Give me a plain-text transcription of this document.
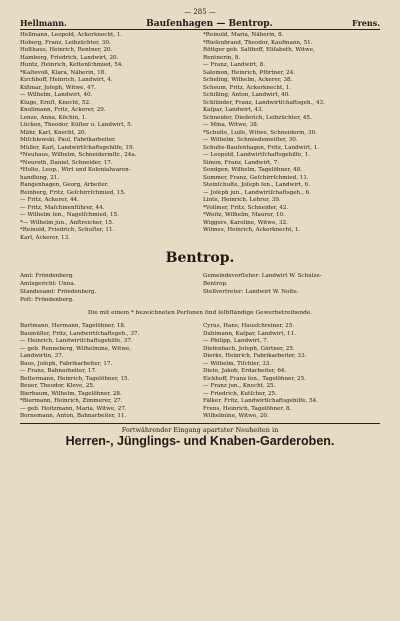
— 285 —
Hellmann.	Bauſenhagen — Bentrop.	Frens.
Hellmann, Leopold, Ackerknecht, 1.
Hoberg, Franz, Leibzüchter, 30.
Holthaus, Heinrich, Rentner, 20.
Hamberg, Friedrich, Landwirt, 20.
Huntz, Heinrich, Kettenſchmied, 54.
*Kaltevoß, Klara, Näherin, 18.
Kirchhoff, Heinrich, Landwirt, 4.
Kißmar, Joſeph, Witwe, 47.
— Wilhelm, Landwirt, 40.
Kluge, Ernſt, Knecht, 52.
Knollmann, Fritz, Ackerer, 29.
Lenze, Anna, Köchin, 1.
Lücken, Theodor, Küſter u. Landwirt, 5.
Mähr, Karl, Knecht, 20.
Miſchlewski, Paul, Fabrikarbeiter.
Müller, Karl, Landwirtſchaftsgehilfe, 19.
*Neuhaus, Wilhelm, Schneidermſtr., 24a.
*Neuroth, Daniel, Schneider, 17.
*Holte, Leop., Wirt und Kolonialwaren-
handlung, 21.
Rangenhagen, Georg, Arbeiter.
Reinberg, Fritz, Geſchirrſchmied, 15.
— Fritz, Ackerer, 44.
— Fritz, Maſchinenführer, 44.
— Wilhelm ſen., Nagelſchmied, 15.
*— Wilhelm jun., Anſtreicher, 15.
*Reinold, Friedrich, Schuſter, 11.
Karl, Ackerer, 13.
*Reinold, Maria, Näherin, 8.
*Rieſenbrand, Theodor, Kaufmann, 51.
Röttger geb. Salthoff, Eliſabeth, Witwe,
Rentnerin, 8.
— Franz, Landwirt, 8.
Salomon, Heinrich, Pförtner, 24.
Scheling, Wilhelm, Ackerer, 38.
Scheum, Fritz, Ackerknecht, 1.
Schilling, Anton, Landwirt, 40.
Schlünder, Franz, Landwirtſchaftsgeh., 43.
Kaſpar, Landwirt, 43.
Schneider, Diederich, Leibzüchter, 45.
— Mina, Witwe, 38.
*Schulte, Luiſe, Witwe, Schneiderin, 30.
— Wilhelm, Schmiedemeiſter, 30.
Schulte-Bauſenhagen, Fritz, Landwirt, 1.
— Leopold, Landwirtſchaftsgehilfe, 1.
Simon, Franz, Landwirt, 7.
Sondgen, Wilhelm, Tagelöhner, 48.
Sommer, Franz, Geſchirrſchmied, 11.
Steinſchulte, Joſeph ſen., Landwirt, 6.
— Joſeph jun., Landwirtſchaftsgeh., 6.
Linte, Heinrich, Lehrer, 39.
*Vollmer, Fritz, Schneider, 42.
*Weitz, Wilhelm, Maurer, 10.
Wiggers, Karoline, Witwe, 32.
Wilmes, Heinrich, Ackerknecht, 1.
Bentrop.
Amt: Fröndenberg.
Amtsgericht: Unna.
Standesamt: Fröndenberg.
Poſt: Fröndenberg.
Gemeindevorſteher: Landwirt W. Schulze-
Bentrop.
Stellvertreter: Landwirt W. Nolte.
Die mit einem * bezeichneten Perſonen ſind ſelbſtändige Gewerbetreibende.
Bartmann, Hermann, Tagelöhner, 18.
Baumüller, Fritz, Landwirtſchaftsgeh., 37.
— Heinrich, Landwirtſchaftsgehilfe, 37.
— geb. Renneberg, Wilhelmine, Witwe,
Landwirtin, 37.
Baus, Joſeph, Fabrikarbeiter, 17.
— Franz, Bahnarbeiter, 17.
Bettermann, Heinrich, Tagelöhner, 15.
Beuer, Theodor, Kleve, 25.
Bierbaum, Wilhelm, Tagelöhner, 28.
*Biermann, Heinrich, Zimmerer, 27.
— geb. Hoitzmann, Maria, Witwe, 27.
Bornemann, Anton, Bahnarbeiter, 11.
Cyrus, Hans, Hausſchreiner, 25.
Dahlmann, Kaſpar, Landwirt, 11.
— Philipp, Landwirt, 7.
Diefenbach, Joſeph, Gärtner, 25.
Dierks, Heinrich, Fabrikarbeiter, 33.
— Wilhelm, Tiſchler, 33.
Diete, Jakob, Erdarbeiter, 64.
Eickhoff, Franz ſen., Tagelöhner, 25.
— Franz jun., Knecht, 25.
— Friedrich, Kutſcher, 25.
Fälker, Fritz, Landwirtſchaftsgehilfe, 54.
Frens, Heinrich, Tagelöhner, 8.
Wilhelmine, Witwe, 20.
Fortwährender Eingang apartster Neuheiten in
Herren-, Jünglings- und Knaben-Garderoben.
